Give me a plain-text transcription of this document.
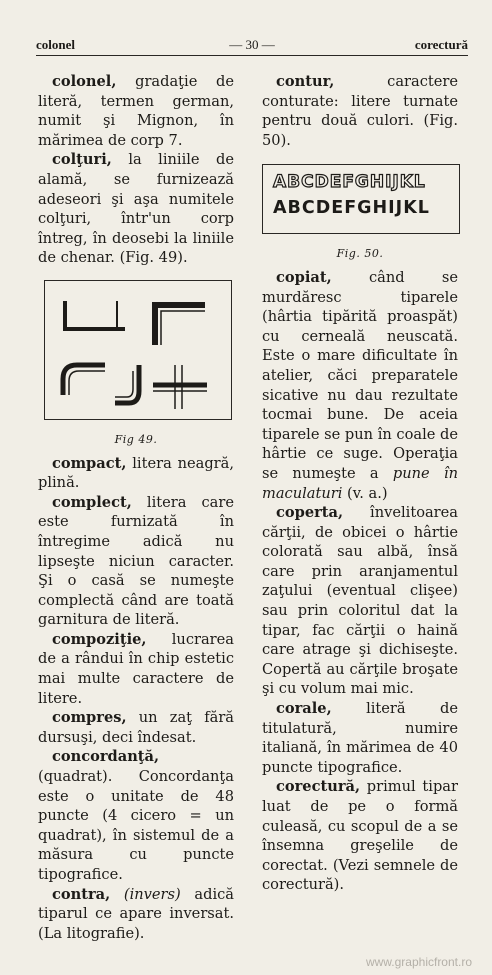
colonel	— 30 —	corectură

colonel, gradaţie de literă, termen german, numit şi Mignon, în mărimea de corp 7.

colţuri, la liniile de alamă, se furnizează adeseori şi aşa numitele colţuri, într'un corp întreg, în deosebi la liniile de chenar. (Fig. 49).

Fig 49.

compact, litera neagră, plină.

complect, litera care este furnizată în întregime adică nu lipseşte niciun caracter. Şi o casă se numeşte complectă când are toată garnitura de literă.

compoziţie, lucrarea de a rândui în chip estetic mai multe caractere de litere.

compres, un zaţ fără dursuşi, deci îndesat.

concordanţă, (quadrat). Concordanţa este o unitate de 48 puncte (4 cicero = un quadrat), în sistemul de a măsura cu puncte tipografice.

contra, (invers) adică tiparul ce apare inversat. (La litografie).

contur, caractere conturate: litere turnate pentru două culori. (Fig. 50).

ABCDEFGHIJKL
ABCDEFGHIJKL
Fig. 50.

copiat, când se murdăresc tiparele (hârtia tipărită proaspăt) cu cerneală neuscată. Este o mare dificultate în atelier, căci preparatele sicative nu dau rezultate tocmai bune. De aceia tiparele se pun în coale de hârtie ce suge. Operaţia se numeşte a pune în maculaturi (v. a.)

coperta, învelitoarea cărţii, de obicei o hârtie colorată sau albă, însă care prin aranjamentul zaţului (eventual clişee) sau prin coloritul dat la tipar, fac cărţii o haină care atrage şi dichiseşte. Copertă au cărţile broşate şi cu volum mai mic.

corale, literă de titulatură, numire italiană, în mărimea de 40 puncte tipografice.

corectură, primul tipar luat de pe o formă culeasă, cu scopul de a se însemna greşelile de corectat. (Vezi semnele de corectură).

www.graphicfront.ro
